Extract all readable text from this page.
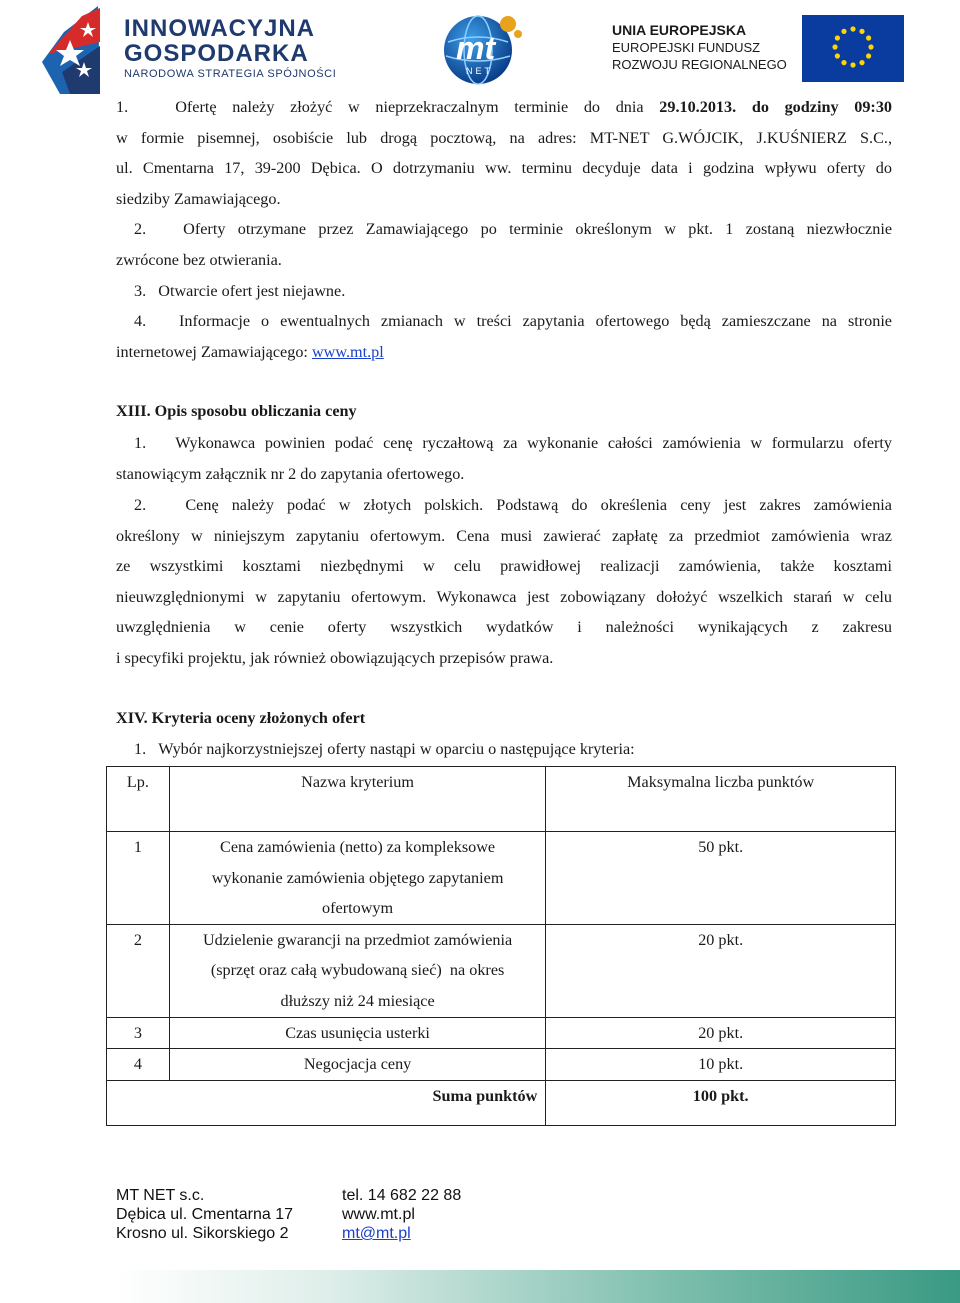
INNOWACYJNA
GOSPODARKA
NARODOWA STRATEGIA SPÓJNOŚCI
mt
NET
UNIA EUROPEJSKA
EUROPEJSKI FUNDUSZ
ROZWOJU REGIONALNEGO
1.	Ofertę należy złożyć w nieprzekraczalnym terminie do dnia 29.10.2013. do godziny 09:30
w formie pisemnej, osobiście lub drogą pocztową, na adres: MT-NET G.WÓJCIK, J.KUŚNIERZ S.C.,
ul. Cmentarna 17, 39-200 Dębica. O dotrzymaniu ww. terminu decyduje data i godzina wpływu oferty do
siedziby Zamawiającego.
2. Oferty otrzymane przez Zamawiającego po terminie określonym w pkt. 1 zostaną niezwłocznie
zwrócone bez otwierania.
3. Otwarcie ofert jest niejawne.
4. Informacje o ewentualnych zmianach w treści zapytania ofertowego będą zamieszczane na stronie
internetowej Zamawiającego: www.mt.pl
XIII. Opis sposobu obliczania ceny
1. Wykonawca powinien podać cenę ryczałtową za wykonanie całości zamówienia w formularzu oferty
stanowiącym załącznik nr 2 do zapytania ofertowego.
2. Cenę należy podać w złotych polskich. Podstawą do określenia ceny jest zakres zamówienia
określony w niniejszym zapytaniu ofertowym. Cena musi zawierać zapłatę za przedmiot zamówienia wraz
ze wszystkimi kosztami niezbędnymi w celu prawidłowej realizacji zamówienia, także kosztami
nieuwzględnionymi w zapytaniu ofertowym. Wykonawca jest zobowiązany dołożyć wszelkich starań w celu
uwzględnienia w cenie oferty wszystkich wydatków i należności wynikających z zakresu
i specyfiki projektu, jak również obowiązujących przepisów prawa.
XIV. Kryteria oceny złożonych ofert
1. Wybór najkorzystniejszej oferty nastąpi w oparciu o następujące kryteria:
Lp.	Nazwa kryterium	Maksymalna liczba punktów
1	Cena zamówienia (netto) za kompleksowe
wykonanie zamówienia objętego zapytaniem
ofertowym	50 pkt.
2	Udzielenie gwarancji na przedmiot zamówienia
(sprzęt oraz całą wybudowaną sieć)  na okres
dłuższy niż 24 miesiące	20 pkt.
3	Czas usunięcia usterki	20 pkt.
4	Negocjacja ceny	10 pkt.
	Suma punktów	100 pkt.
MT NET s.c.
Dębica ul. Cmentarna 17
Krosno ul. Sikorskiego 2
tel. 14 682 22 88
www.mt.pl
mt@mt.pl
